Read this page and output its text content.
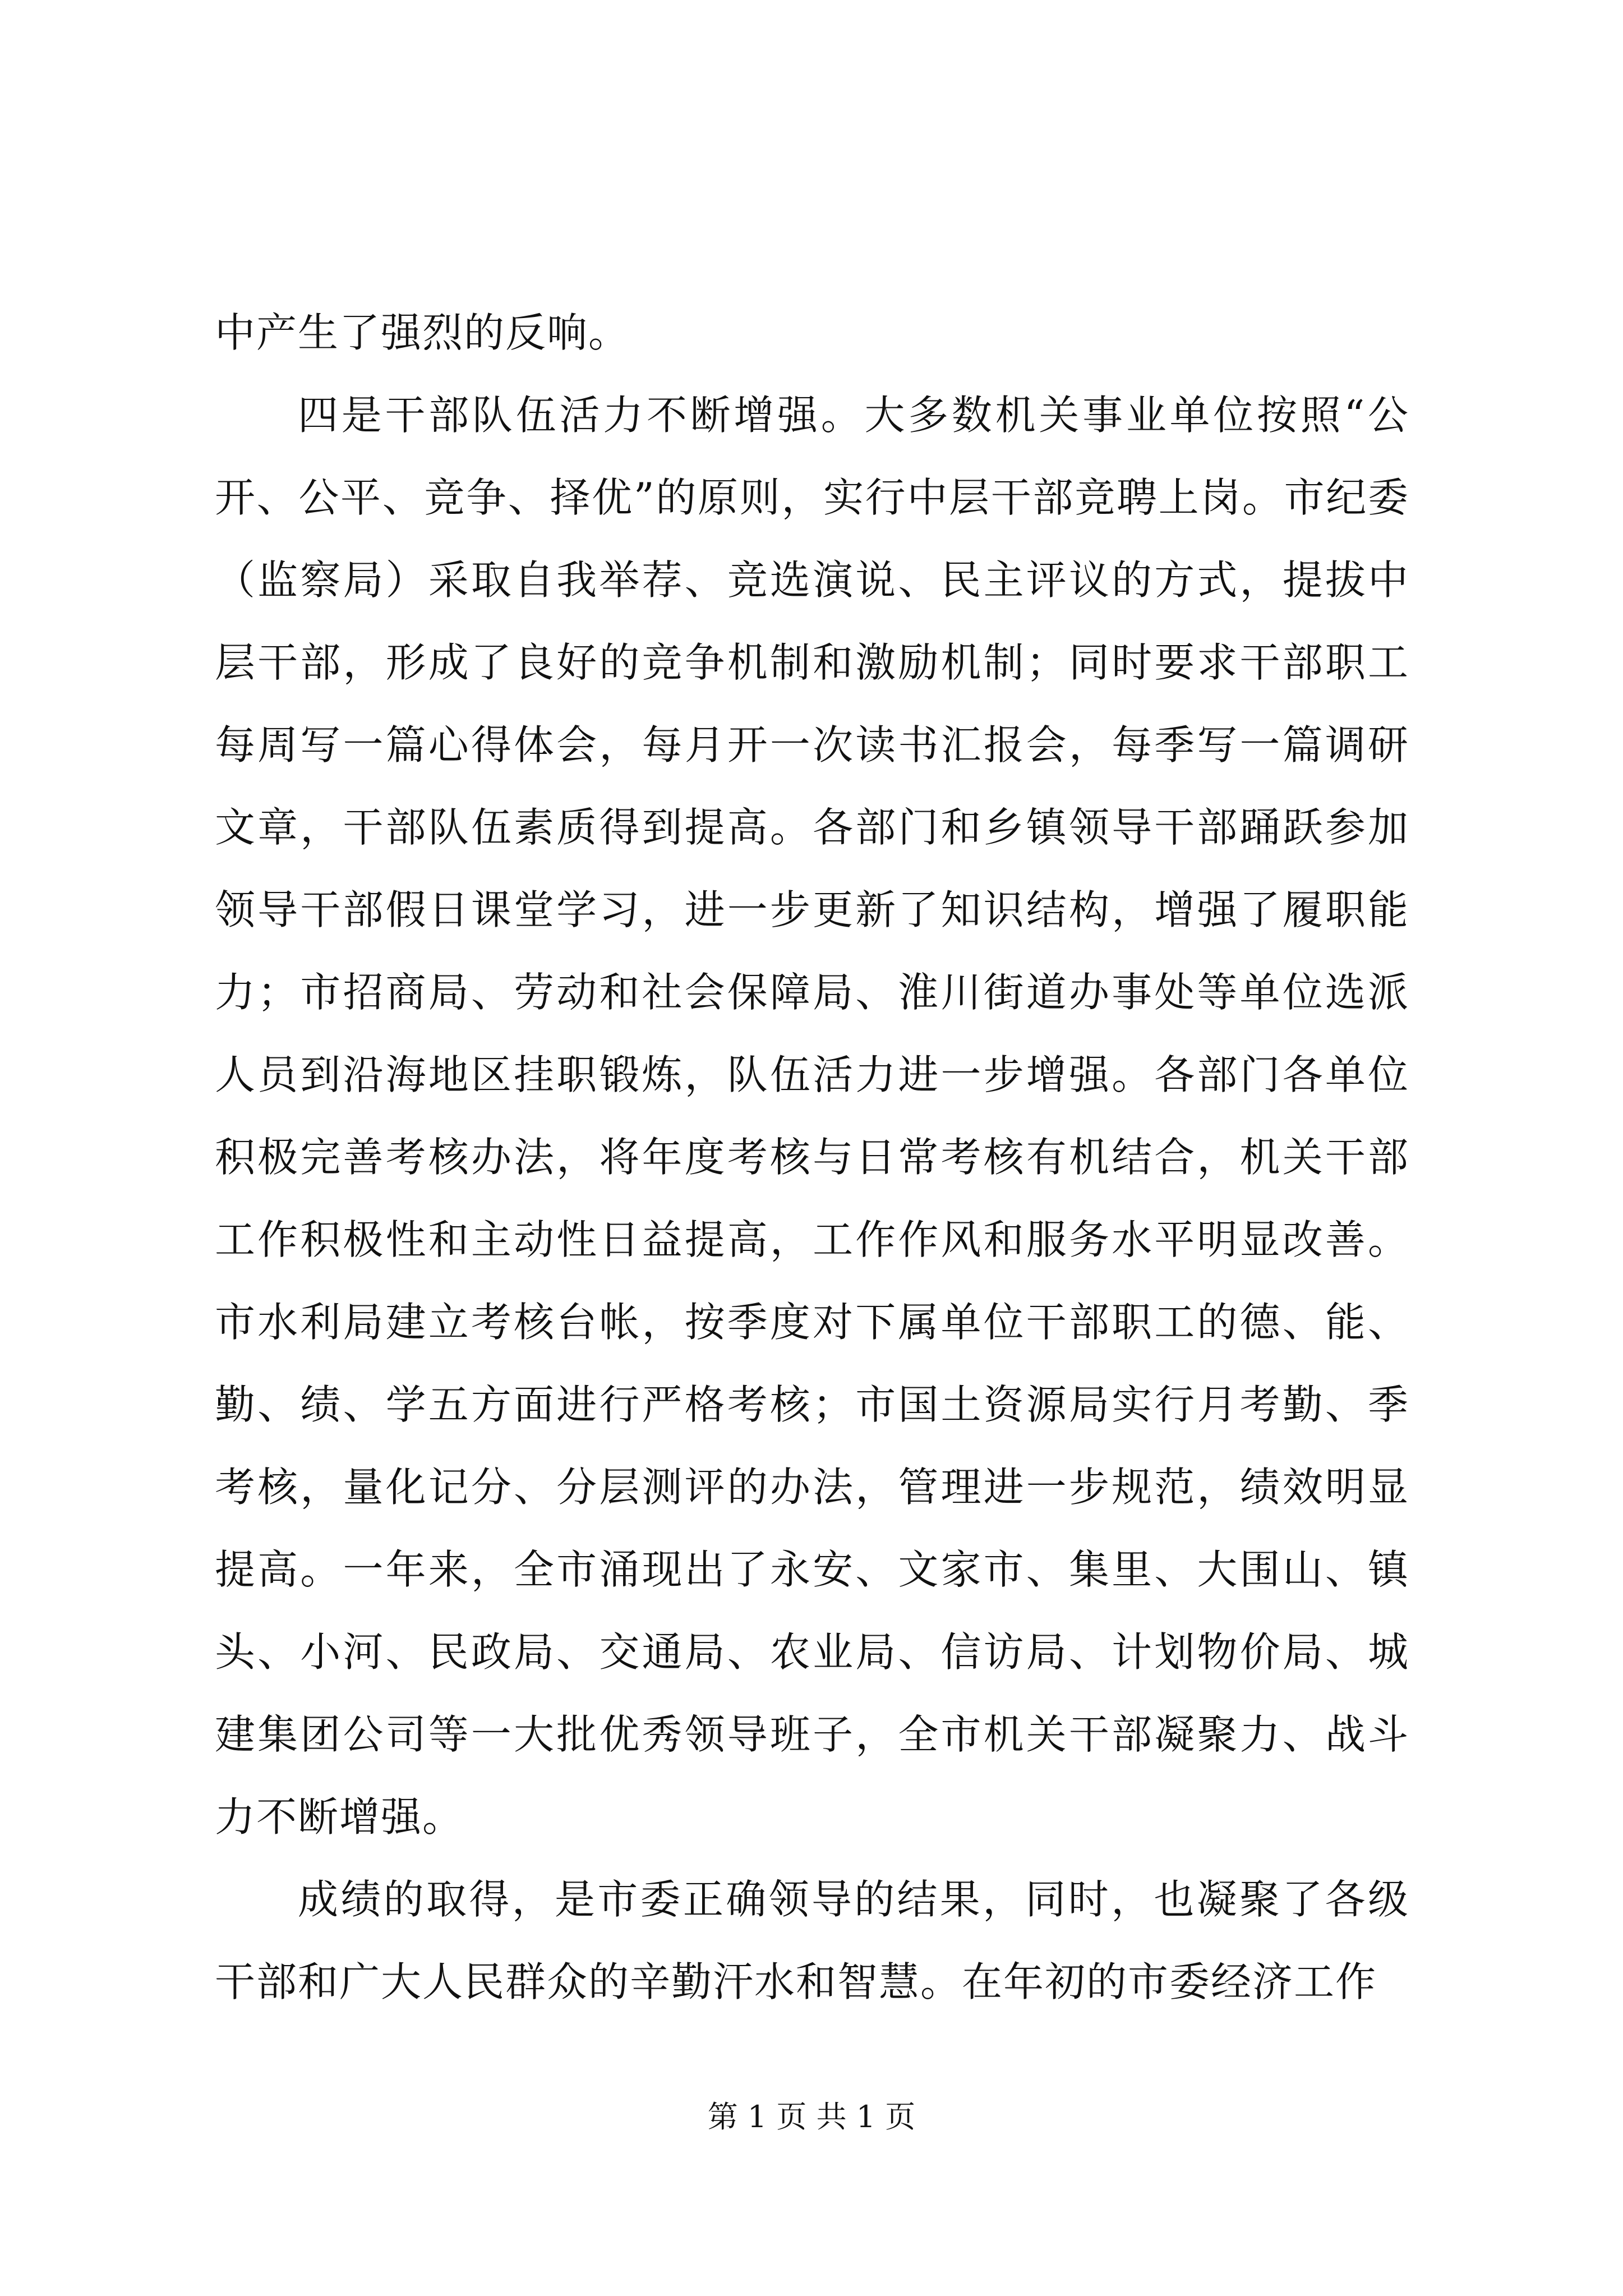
中产生了强烈的反响。

四是干部队伍活力不断增强。大多数机关事业单位按照“公开、公平、竞争、择优”的原则，实行中层干部竞聘上岗。市纪委（监察局）采取自我举荐、竞选演说、民主评议的方式，提拔中层干部，形成了良好的竞争机制和激励机制；同时要求干部职工每周写一篇心得体会，每月开一次读书汇报会，每季写一篇调研文章，干部队伍素质得到提高。各部门和乡镇领导干部踊跃参加领导干部假日课堂学习，进一步更新了知识结构，增强了履职能力；市招商局、劳动和社会保障局、淮川街道办事处等单位选派人员到沿海地区挂职锻炼，队伍活力进一步增强。各部门各单位积极完善考核办法，将年度考核与日常考核有机结合，机关干部工作积极性和主动性日益提高，工作作风和服务水平明显改善。市水利局建立考核台帐，按季度对下属单位干部职工的德、能、勤、绩、学五方面进行严格考核；市国土资源局实行月考勤、季考核，量化记分、分层测评的办法，管理进一步规范，绩效明显提高。一年来，全市涌现出了永安、文家市、集里、大围山、镇头、小河、民政局、交通局、农业局、信访局、计划物价局、城建集团公司等一大批优秀领导班子，全市机关干部凝聚力、战斗力不断增强。

成绩的取得，是市委正确领导的结果，同时，也凝聚了各级干部和广大人民群众的辛勤汗水和智慧。在年初的市委经济工作

第 1 页 共 1 页
